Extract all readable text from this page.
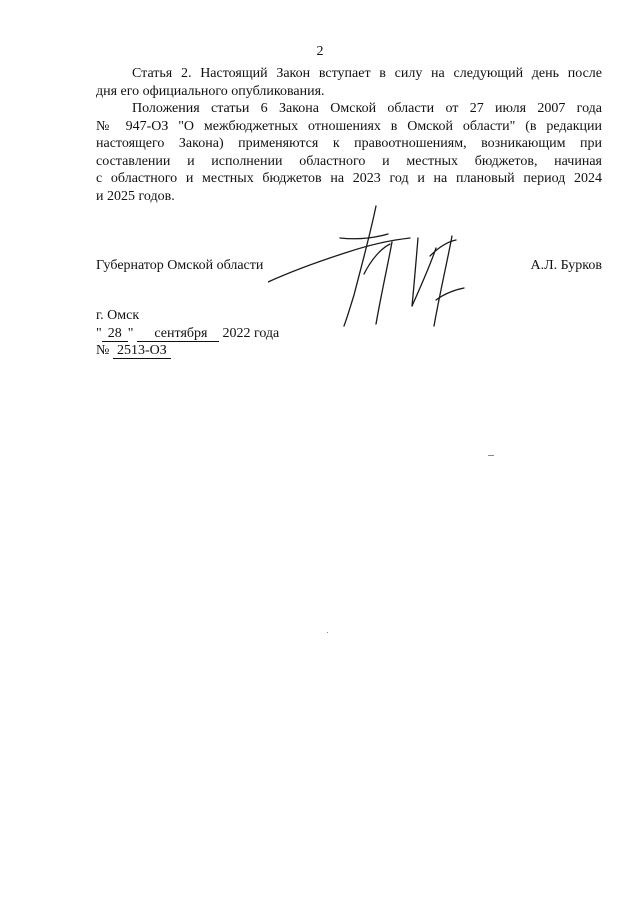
2

Статья 2. Настоящий Закон вступает в силу на следующий день после
дня его официального опубликования.

Положения статьи 6 Закона Омской области от 27 июля 2007 года
№ 947-ОЗ "О межбюджетных отношениях в Омской области" (в редакции
настоящего Закона) применяются к правоотношениям, возникающим при
составлении и исполнении областного и местных бюджетов, начиная
с областного и местных бюджетов на 2023 год и на плановый период 2024
и 2025 годов.

Губернатор Омской области	А.Л. Бурков
г. Омск
" 28 " сентября 2022 года
№ 2513-ОЗ
